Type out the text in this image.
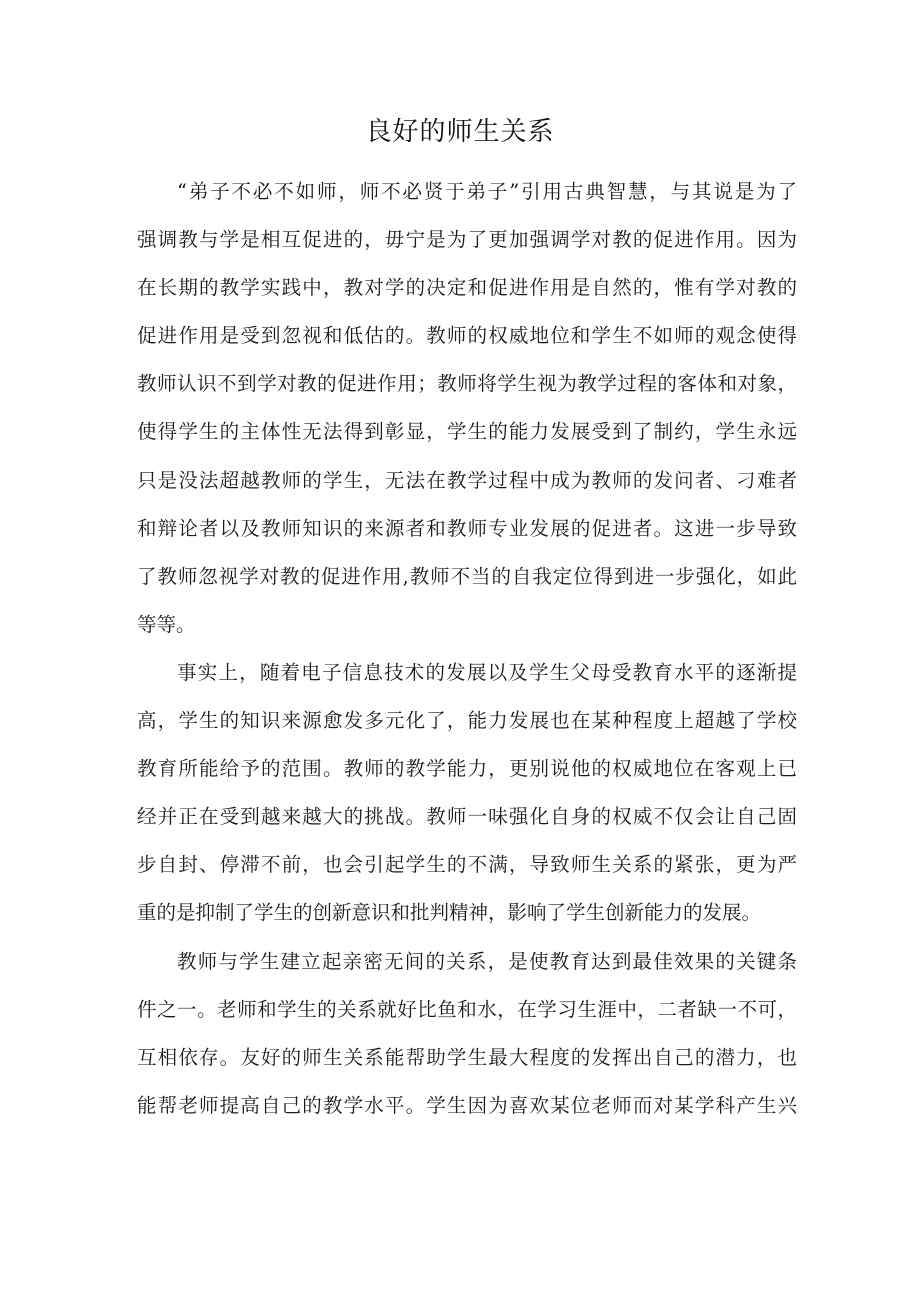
良好的师生关系
“弟子不必不如师，师不必贤于弟子”引用古典智慧，与其说是为了
强调教与学是相互促进的，毋宁是为了更加强调学对教的促进作用。因为
在长期的教学实践中，教对学的决定和促进作用是自然的，惟有学对教的
促进作用是受到忽视和低估的。教师的权威地位和学生不如师的观念使得
教师认识不到学对教的促进作用；教师将学生视为教学过程的客体和对象，
使得学生的主体性无法得到彰显，学生的能力发展受到了制约，学生永远
只是没法超越教师的学生，无法在教学过程中成为教师的发问者、刁难者
和辩论者以及教师知识的来源者和教师专业发展的促进者。这进一步导致
了教师忽视学对教的促进作用,教师不当的自我定位得到进一步强化，如此
等等。
事实上，随着电子信息技术的发展以及学生父母受教育水平的逐渐提
高，学生的知识来源愈发多元化了，能力发展也在某种程度上超越了学校
教育所能给予的范围。教师的教学能力，更别说他的权威地位在客观上已
经并正在受到越来越大的挑战。教师一味强化自身的权威不仅会让自己固
步自封、停滞不前，也会引起学生的不满，导致师生关系的紧张，更为严
重的是抑制了学生的创新意识和批判精神，影响了学生创新能力的发展。
教师与学生建立起亲密无间的关系，是使教育达到最佳效果的关键条
件之一。老师和学生的关系就好比鱼和水，在学习生涯中，二者缺一不可，
互相依存。友好的师生关系能帮助学生最大程度的发挥出自己的潜力，也
能帮老师提高自己的教学水平。学生因为喜欢某位老师而对某学科产生兴
